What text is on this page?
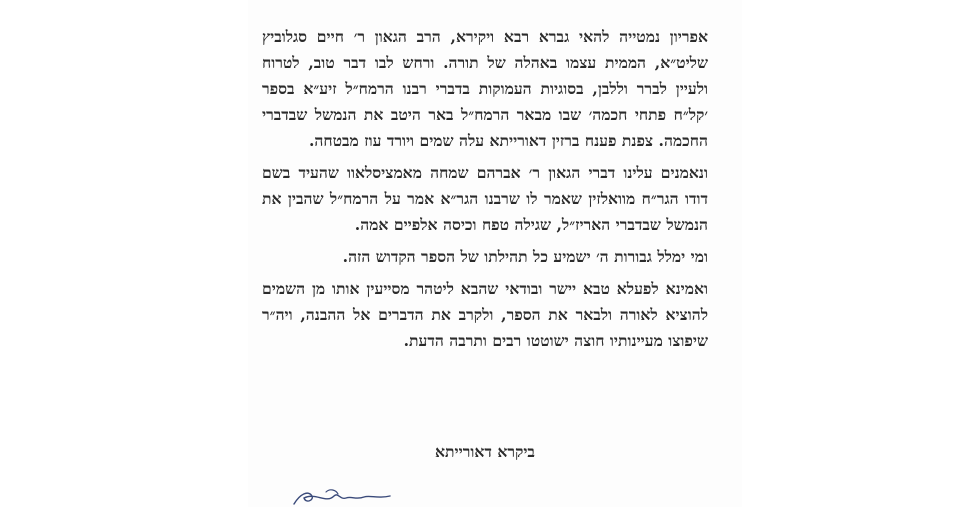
אפריון נמטייה להאי גברא רבא ויקירא, הרב הגאון ר׳ חיים סגלוביץ שליט״א, הממית עצמו באהלה של תורה. ורחש לבו דבר טוב, לטרוח ולעיין לברר וללבן, בסוגיות העמוקות בדברי רבנו הרמח״ל זיע״א בספר ׳קל״ח פתחי חכמה׳ שבו מבאר הרמח״ל באר היטב את הנמשל שבדברי החכמה. צפנת פענח ברזין דאורייתא עלה שמים ויורד עוז מבטחה.

ונאמנים עלינו דברי הגאון ר׳ אברהם שמחה מאמציסלאוו שהעיד בשם דודו הגר״ח מוואלזין שאמר לו שרבנו הגר״א אמר על הרמח״ל שהבין את הנמשל שבדברי האריז״ל, שגילה טפח וכיסה אלפיים אמה.

ומי ימלל גבורות ה׳ ישמיע כל תהילתו של הספר הקדוש הזה.

ואמינא לפעלא טבא יישר ובודאי שהבא ליטהר מסייעין אותו מן השמים להוציא לאורה ולבאר את הספר, ולקרב את הדברים אל ההבנה, ויה״ר שיפוצו מעיינותיו חוצה ישוטטו רבים ותרבה הדעת.

ביקרא דאורייתא
